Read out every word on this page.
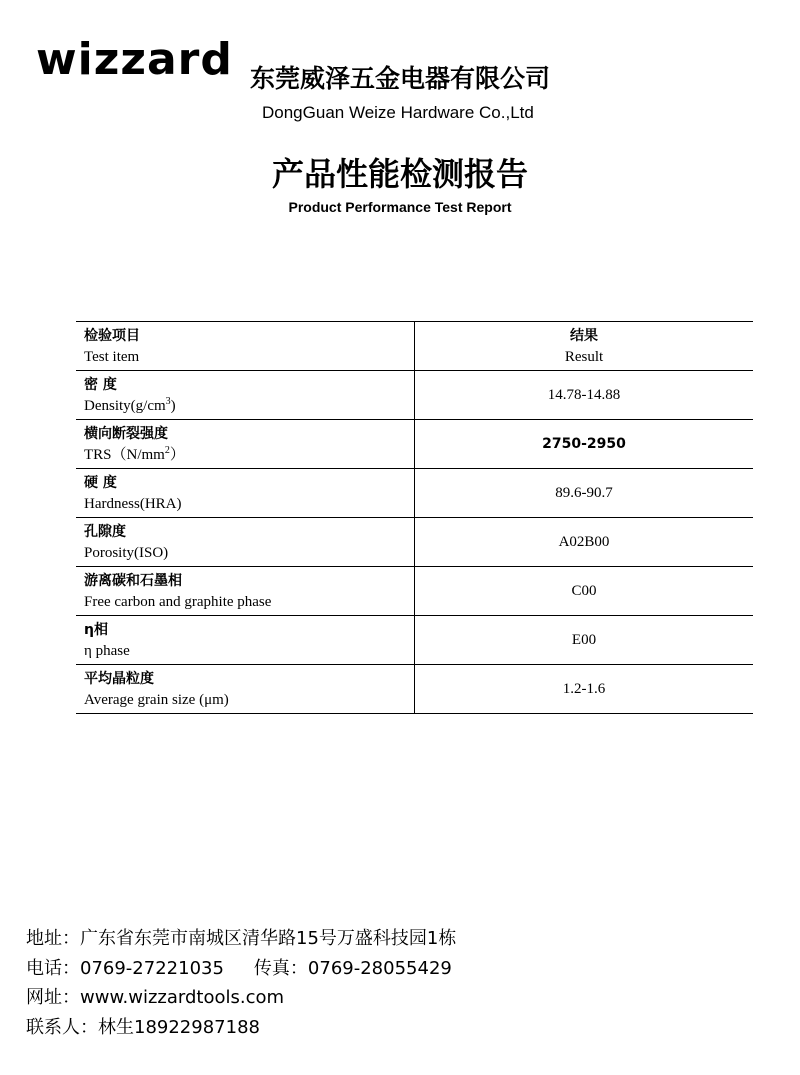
wizzard 东莞威泽五金电器有限公司
DongGuan Weize Hardware Co.,Ltd
产品性能检测报告
Product Performance Test Report
检验项目
Test item	结果
Result

密 度
$Density(g/cm^3)$	14.78-14.88

横向断裂强度
$TRS(N/mm^2)$	2750-2950

硬 度
Hardness(HRA)	89.6-90.7

孔隙度
Porosity(ISO)	A02B00

游离碳和石墨相
Free carbon and graphite phase	C00

η相
η phase	E00

平均晶粒度
Average grain size (μm)	1.2-1.6
地址：广东省东莞市南城区清华路15号万盛科技园1栋
电话：0769-27221035 传真：0769-28055429
网址：www.wizzardtools.com
联系人：林生18922987188
